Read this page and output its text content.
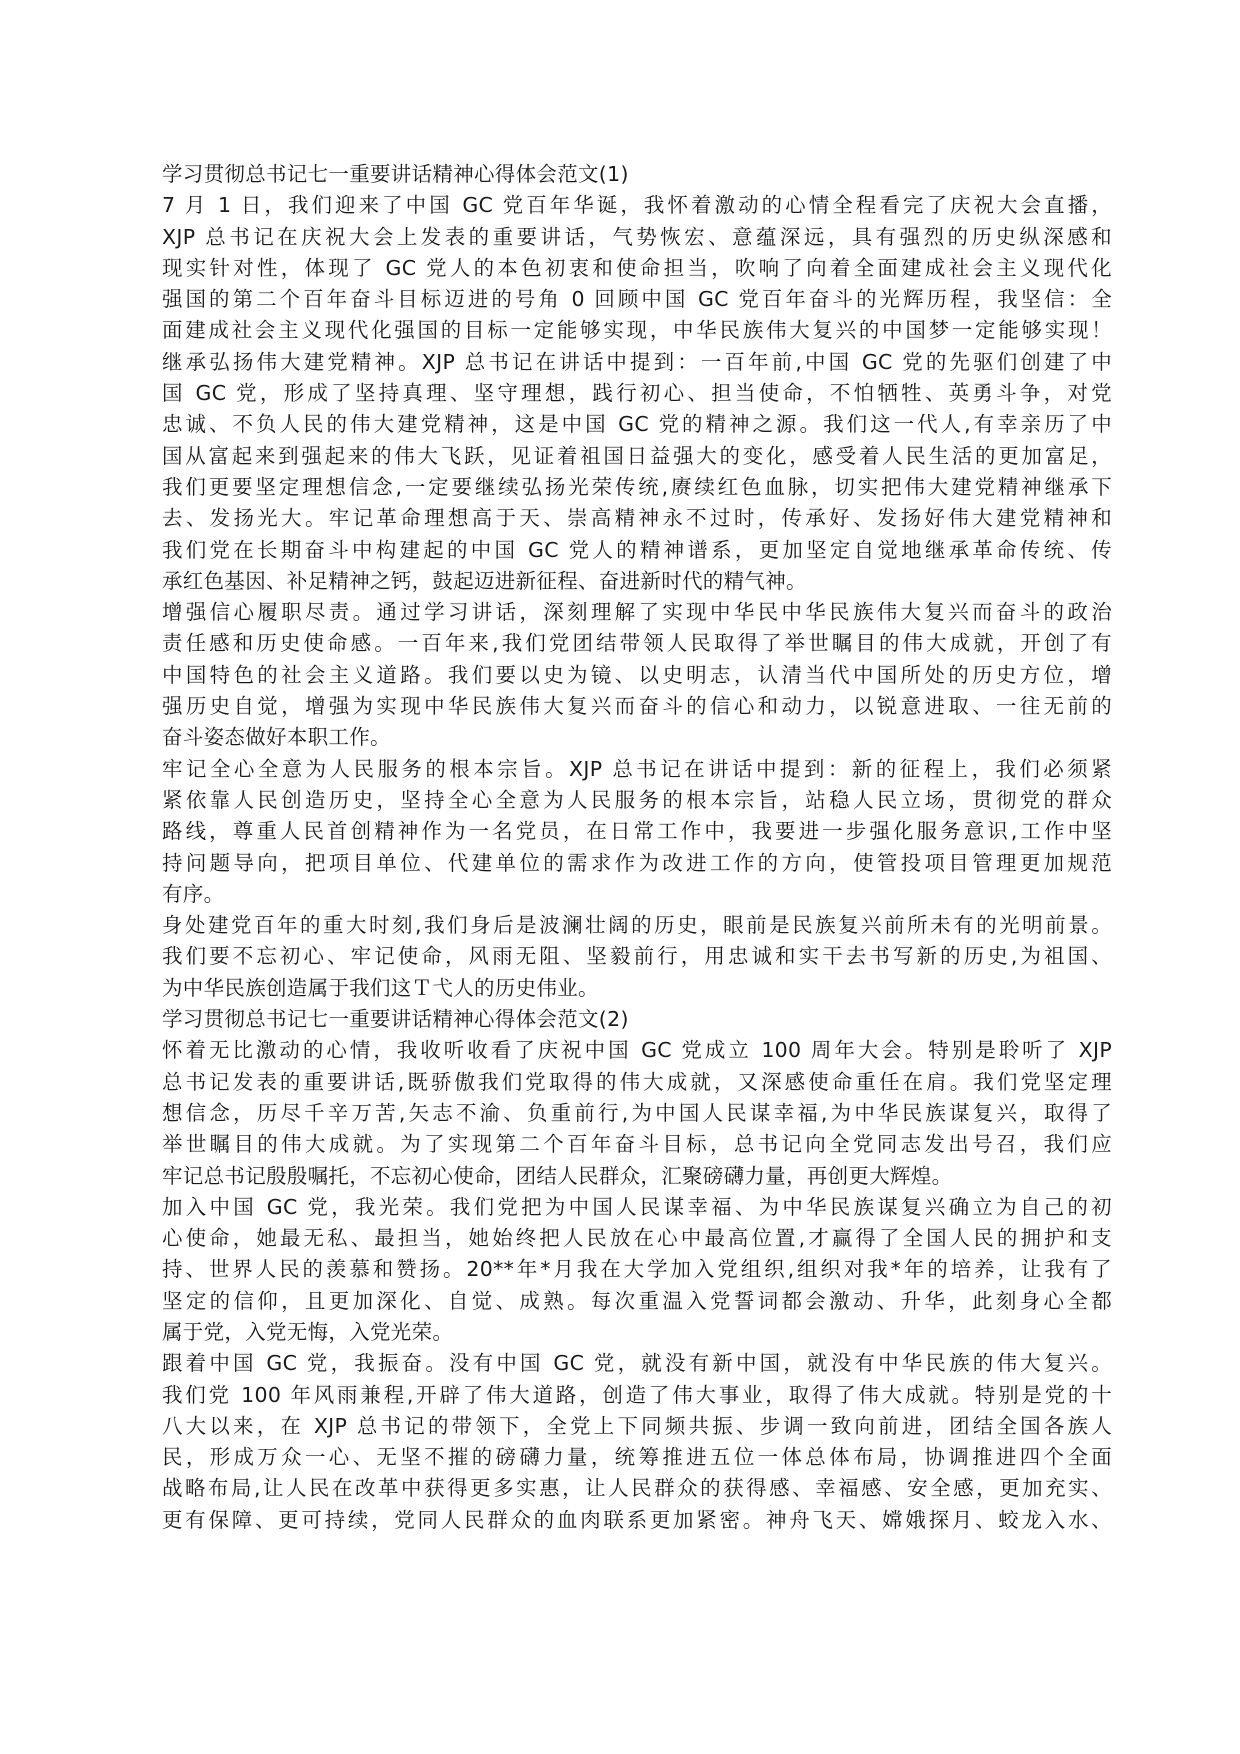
学习贯彻总书记七一重要讲话精神心得体会范文(1)
7 月 1 日，我们迎来了中国 GC 党百年华诞，我怀着激动的心情全程看完了庆祝大会直播，
XJP 总书记在庆祝大会上发表的重要讲话，气势恢宏、意蕴深远，具有强烈的历史纵深感和
现实针对性，体现了 GC 党人的本色初衷和使命担当，吹响了向着全面建成社会主义现代化
强国的第二个百年奋斗目标迈进的号角 0 回顾中国 GC 党百年奋斗的光辉历程，我坚信：全
面建成社会主义现代化强国的目标一定能够实现，中华民族伟大复兴的中国梦一定能够实现！
继承弘扬伟大建党精神。XJP 总书记在讲话中提到：一百年前,中国 GC 党的先驱们创建了中
国 GC 党，形成了坚持真理、坚守理想，践行初心、担当使命，不怕牺牲、英勇斗争，对党
忠诚、不负人民的伟大建党精神，这是中国 GC 党的精神之源。我们这一代人,有幸亲历了中
国从富起来到强起来的伟大飞跃，见证着祖国日益强大的变化，感受着人民生活的更加富足，
我们更要坚定理想信念,一定要继续弘扬光荣传统,赓续红色血脉，切实把伟大建党精神继承下
去、发扬光大。牢记革命理想高于天、崇高精神永不过时，传承好、发扬好伟大建党精神和
我们党在长期奋斗中构建起的中国 GC 党人的精神谱系，更加坚定自觉地继承革命传统、传
承红色基因、补足精神之钙，鼓起迈进新征程、奋进新时代的精气神。
增强信心履职尽责。通过学习讲话，深刻理解了实现中华民中华民族伟大复兴而奋斗的政治
责任感和历史使命感。一百年来,我们党团结带领人民取得了举世瞩目的伟大成就，开创了有
中国特色的社会主义道路。我们要以史为镜、以史明志，认清当代中国所处的历史方位，增
强历史自觉，增强为实现中华民族伟大复兴而奋斗的信心和动力，以锐意进取、一往无前的
奋斗姿态做好本职工作。
牢记全心全意为人民服务的根本宗旨。XJP 总书记在讲话中提到：新的征程上，我们必须紧
紧依靠人民创造历史，坚持全心全意为人民服务的根本宗旨，站稳人民立场，贯彻党的群众
路线，尊重人民首创精神作为一名党员，在日常工作中，我要进一步强化服务意识,工作中坚
持问题导向，把项目单位、代建单位的需求作为改进工作的方向，使管投项目管理更加规范
有序。
身处建党百年的重大时刻,我们身后是波澜壮阔的历史，眼前是民族复兴前所未有的光明前景。
我们要不忘初心、牢记使命，风雨无阻、坚毅前行，用忠诚和实干去书写新的历史,为祖国、
为中华民族创造属于我们这Ｔ弋人的历史伟业。
学习贯彻总书记七一重要讲话精神心得体会范文(2)
怀着无比激动的心情，我收听收看了庆祝中国 GC 党成立 100 周年大会。特别是聆听了 XJP
总书记发表的重要讲话,既骄傲我们党取得的伟大成就，又深感使命重任在肩。我们党坚定理
想信念，历尽千辛万苦,矢志不渝、负重前行,为中国人民谋幸福,为中华民族谋复兴，取得了
举世瞩目的伟大成就。为了实现第二个百年奋斗目标，总书记向全党同志发出号召，我们应
牢记总书记殷殷嘱托，不忘初心使命，团结人民群众，汇聚磅礴力量，再创更大辉煌。
加入中国 GC 党，我光荣。我们党把为中国人民谋幸福、为中华民族谋复兴确立为自己的初
心使命，她最无私、最担当，她始终把人民放在心中最高位置,才赢得了全国人民的拥护和支
持、世界人民的羡慕和赞扬。20**年*月我在大学加入党组织,组织对我*年的培养，让我有了
坚定的信仰，且更加深化、自觉、成熟。每次重温入党誓词都会激动、升华，此刻身心全都
属于党，入党无悔，入党光荣。
跟着中国 GC 党，我振奋。没有中国 GC 党，就没有新中国，就没有中华民族的伟大复兴。
我们党 100 年风雨兼程,开辟了伟大道路，创造了伟大事业，取得了伟大成就。特别是党的十
八大以来，在 XJP 总书记的带领下，全党上下同频共振、步调一致向前进，团结全国各族人
民，形成万众一心、无坚不摧的磅礴力量，统筹推进五位一体总体布局，协调推进四个全面
战略布局,让人民在改革中获得更多实惠，让人民群众的获得感、幸福感、安全感，更加充实、
更有保障、更可持续，党同人民群众的血肉联系更加紧密。神舟飞天、嫦娥探月、蛟龙入水、
